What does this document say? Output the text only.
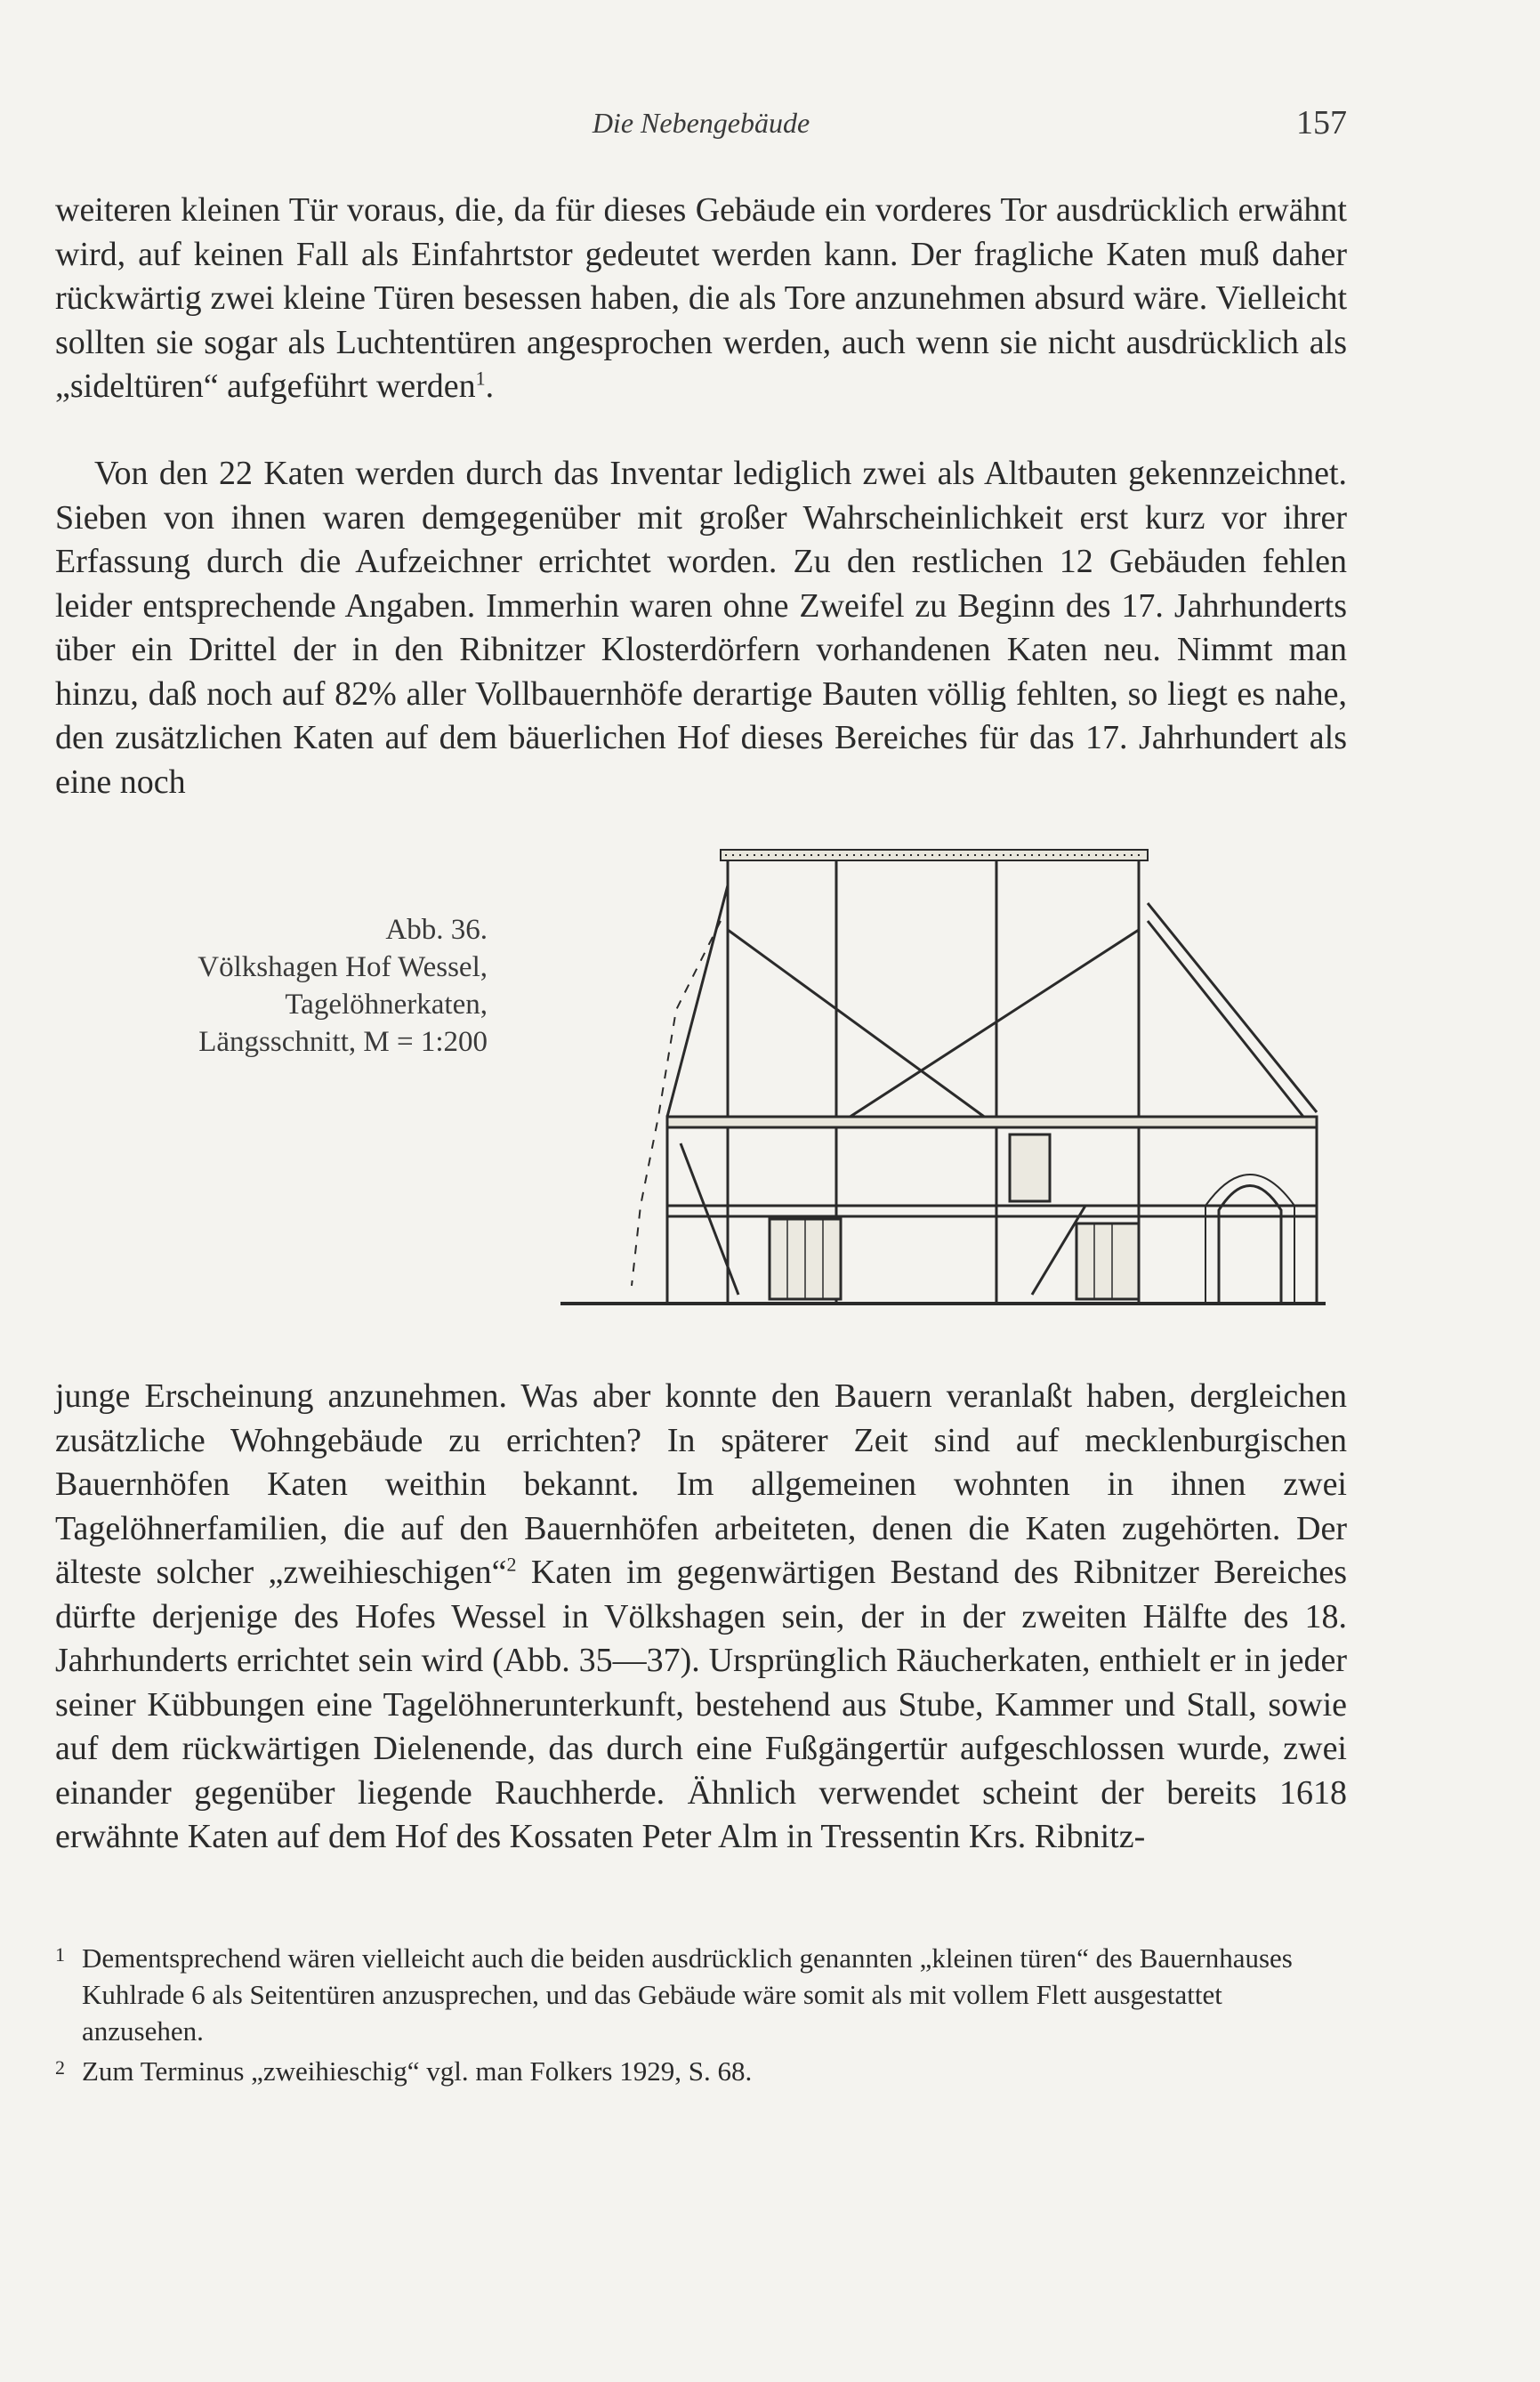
Die Nebengebäude	157

weiteren kleinen Tür voraus, die, da für dieses Gebäude ein vorderes Tor ausdrücklich erwähnt wird, auf keinen Fall als Einfahrtstor gedeutet werden kann. Der fragliche Katen muß daher rückwärtig zwei kleine Türen besessen haben, die als Tore anzunehmen absurd wäre. Vielleicht sollten sie sogar als Luchtentüren angesprochen werden, auch wenn sie nicht ausdrücklich als „sideltüren“ aufgeführt werden$^1$.

Von den 22 Katen werden durch das Inventar lediglich zwei als Altbauten gekennzeichnet. Sieben von ihnen waren demgegenüber mit großer Wahrscheinlichkeit erst kurz vor ihrer Erfassung durch die Aufzeichner errichtet worden. Zu den restlichen 12 Gebäuden fehlen leider entsprechende Angaben. Immerhin waren ohne Zweifel zu Beginn des 17. Jahrhunderts über ein Drittel der in den Ribnitzer Klosterdörfern vorhandenen Katen neu. Nimmt man hinzu, daß noch auf 82% aller Vollbauernhöfe derartige Bauten völlig fehlten, so liegt es nahe, den zusätzlichen Katen auf dem bäuerlichen Hof dieses Bereiches für das 17. Jahrhundert als eine noch

Abb. 36.
Völkshagen Hof Wessel,
Tagelöhnerkaten,
Längsschnitt, M = 1:200

junge Erscheinung anzunehmen. Was aber konnte den Bauern veranlaßt haben, dergleichen zusätzliche Wohngebäude zu errichten? In späterer Zeit sind auf mecklenburgischen Bauernhöfen Katen weithin bekannt. Im allgemeinen wohnten in ihnen zwei Tagelöhnerfamilien, die auf den Bauernhöfen arbeiteten, denen die Katen zugehörten. Der älteste solcher „zweihieschigen“$^2$ Katen im gegenwärtigen Bestand des Ribnitzer Bereiches dürfte derjenige des Hofes Wessel in Völkshagen sein, der in der zweiten Hälfte des 18. Jahrhunderts errichtet sein wird (Abb. 35—37). Ursprünglich Räucherkaten, enthielt er in jeder seiner Kübbungen eine Tagelöhnerunterkunft, bestehend aus Stube, Kammer und Stall, sowie auf dem rückwärtigen Dielenende, das durch eine Fußgängertür aufgeschlossen wurde, zwei einander gegenüber liegende Rauchherde. Ähnlich verwendet scheint der bereits 1618 erwähnte Katen auf dem Hof des Kossaten Peter Alm in Tressentin Krs. Ribnitz-

1 Dementsprechend wären vielleicht auch die beiden ausdrücklich genannten „kleinen türen“ des Bauernhauses Kuhlrade 6 als Seitentüren anzusprechen, und das Gebäude wäre somit als mit vollem Flett ausgestattet anzusehen.
2 Zum Terminus „zweihieschig“ vgl. man Folkers 1929, S. 68.
